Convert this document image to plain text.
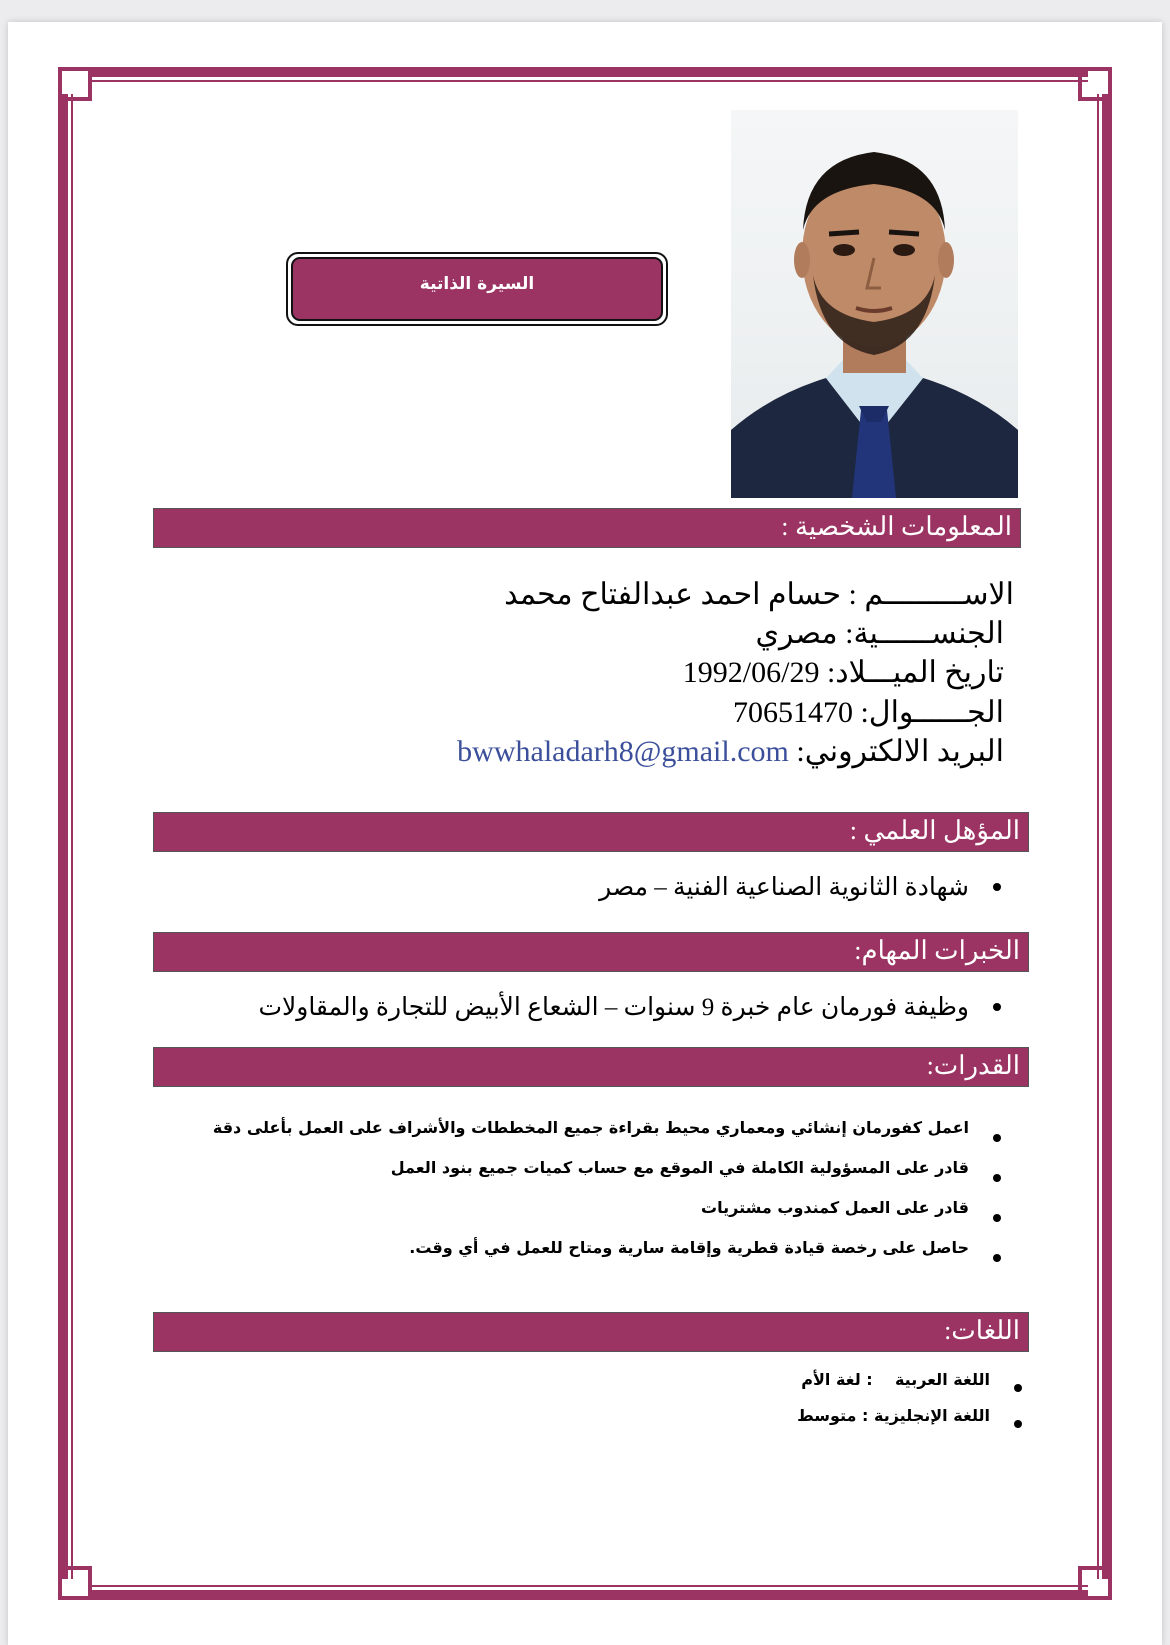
السيرة الذاتية
المعلومات الشخصية :
الاســـــــــم : حسام احمد عبدالفتاح محمد
الجنســــــية: مصري
تاريخ الميـــلاد: 1992/06/29
الجــــــوال: 70651470
البريد الالكتروني: bwwhaladarh8@gmail.com
المؤهل العلمي :
شهادة الثانوية الصناعية الفنية – مصر
الخبرات المهام:
وظيفة فورمان عام خبرة 9 سنوات – الشعاع الأبيض للتجارة والمقاولات
القدرات:
اعمل كفورمان إنشائي ومعماري محيط بقراءة جميع المخططات والأشراف على العمل بأعلى دقة
قادر على المسؤولية الكاملة في الموقع مع حساب كميات جميع بنود العمل
قادر على العمل كمندوب مشتريات
حاصل على رخصة قيادة قطرية وإقامة سارية ومتاح للعمل في أي وقت.
اللغات:
اللغة العربية    : لغة الأم
اللغة الإنجليزية : متوسط
